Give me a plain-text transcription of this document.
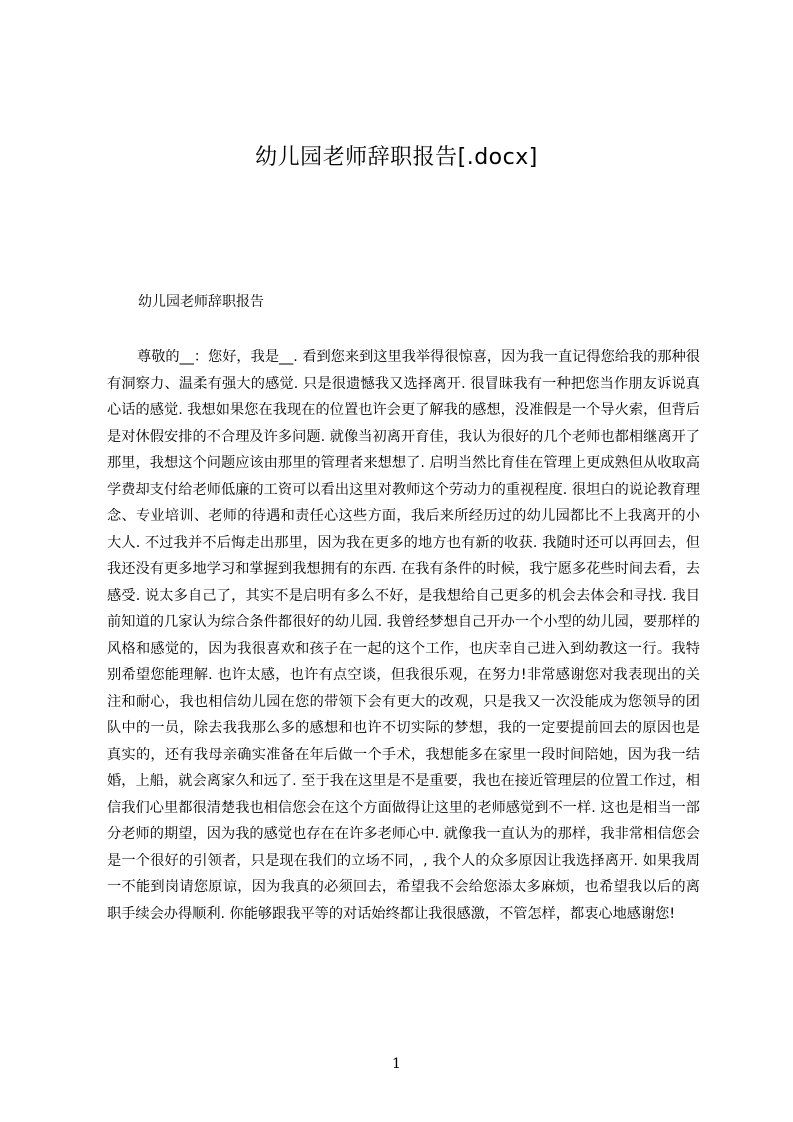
幼儿园老师辞职报告[.docx]
幼儿园老师辞职报告

尊敬的__：您好，我是__. 看到您来到这里我举得很惊喜，因为我一直记得您给我的那种很有洞察力、温柔有强大的感觉. 只是很遗憾我又选择离开. 很冒昧我有一种把您当作朋友诉说真心话的感觉. 我想如果您在我现在的位置也许会更了解我的感想，没准假是一个导火索，但背后是对休假安排的不合理及许多问题. 就像当初离开育佳，我认为很好的几个老师也都相继离开了那里，我想这个问题应该由那里的管理者来想想了. 启明当然比育佳在管理上更成熟但从收取高学费却支付给老师低廉的工资可以看出这里对教师这个劳动力的重视程度. 很坦白的说论教育理念、专业培训、老师的待遇和责任心这些方面，我后来所经历过的幼儿园都比不上我离开的小大人. 不过我并不后悔走出那里，因为我在更多的地方也有新的收获. 我随时还可以再回去，但我还没有更多地学习和掌握到我想拥有的东西. 在我有条件的时候，我宁愿多花些时间去看，去感受. 说太多自己了，其实不是启明有多么不好，是我想给自己更多的机会去体会和寻找. 我目前知道的几家认为综合条件都很好的幼儿园. 我曾经梦想自己开办一个小型的幼儿园，要那样的风格和感觉的，因为我很喜欢和孩子在一起的这个工作，也庆幸自己进入到幼教这一行。我特别希望您能理解. 也许太感，也许有点空谈，但我很乐观，在努力!非常感谢您对我表现出的关注和耐心，我也相信幼儿园在您的带领下会有更大的改观，只是我又一次没能成为您领导的团队中的一员，除去我我那么多的感想和也许不切实际的梦想，我的一定要提前回去的原因也是真实的，还有我母亲确实准备在年后做一个手术，我想能多在家里一段时间陪她，因为我一结婚，上船，就会离家久和远了. 至于我在这里是不是重要，我也在接近管理层的位置工作过，相信我们心里都很清楚我也相信您会在这个方面做得让这里的老师感觉到不一样. 这也是相当一部分老师的期望，因为我的感觉也存在在许多老师心中. 就像我一直认为的那样，我非常相信您会是一个很好的引领者，只是现在我们的立场不同，, 我个人的众多原因让我选择离开. 如果我周一不能到岗请您原谅，因为我真的必须回去，希望我不会给您添太多麻烦，也希望我以后的离职手续会办得顺利. 你能够跟我平等的对话始终都让我很感激，不管怎样，都衷心地感谢您!

1
